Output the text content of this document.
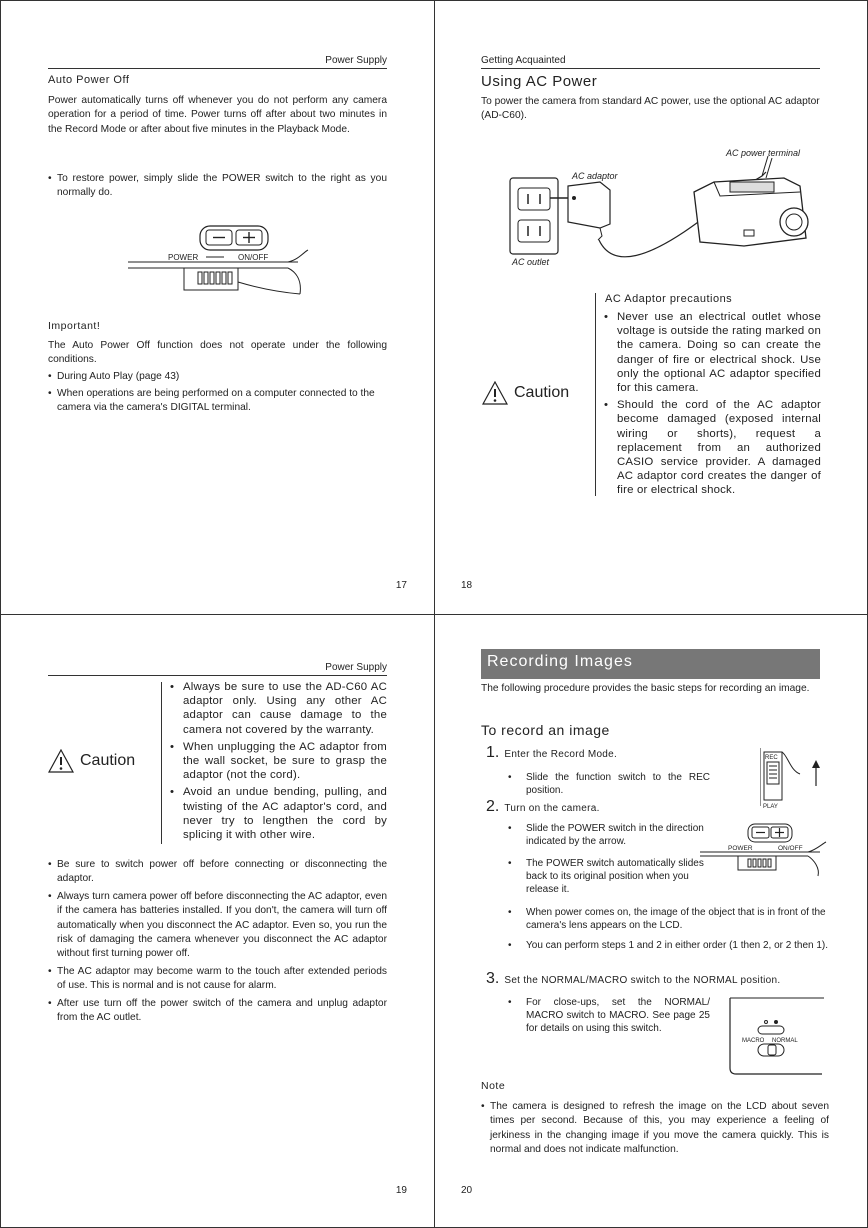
Power Supply
Auto Power Off
Power automatically turns off whenever you do not perform any camera operation for a period of time. Power turns off after about two minutes in the Record Mode or after about five minutes in the Playback Mode.
• To restore power, simply slide the POWER switch to the right as you normally do.
POWER	ON/OFF
Important!
The Auto Power Off function does not operate under the following conditions.
• During Auto Play (page 43)
• When operations are being performed on a computer connected to the camera via the camera's DIGITAL terminal.
17
Getting Acquainted
Using AC Power
To power the camera from standard AC power, use the optional AC adaptor (AD-C60).
AC power terminal
AC adaptor
AC outlet
Caution
AC Adaptor precautions
• Never use an electrical outlet whose voltage is outside the rating marked on the camera. Doing so can create the danger of fire or electrical shock. Use only the optional AC adaptor specified for this camera.
• Should the cord of the AC adaptor become damaged (exposed internal wiring or shorts), request a replacement from an authorized CASIO service provider. A damaged AC adaptor cord creates the danger of fire or electrical shock.
18
Power Supply
Caution
• Always be sure to use the AD-C60 AC adaptor only. Using any other AC adaptor can cause damage to the camera not covered by the warranty.
• When unplugging the AC adaptor from the wall socket, be sure to grasp the adaptor (not the cord).
• Avoid an undue bending, pulling, and twisting of the AC adaptor's cord, and never try to lengthen the cord by splicing it with other wire.
• Be sure to switch power off before connecting or disconnecting the adaptor.
• Always turn camera power off before disconnecting the AC adaptor, even if the camera has batteries installed. If you don't, the camera will turn off automatically when you disconnect the AC adaptor. Even so, you run the risk of damaging the camera whenever you disconnect the AC adaptor without first turning power off.
• The AC adaptor may become warm to the touch after extended periods of use. This is normal and is not cause for alarm.
• After use turn off the power switch of the camera and unplug adaptor from the AC outlet.
19
Recording Images
The following procedure provides the basic steps for recording an image.
To record an image
1. Enter the Record Mode.
• Slide the function switch to the REC position.
REC
PLAY
2. Turn on the camera.
• Slide the POWER switch in the direction indicated by the arrow.
• The POWER switch automatically slides back to its original position when you release it.
POWER	ON/OFF
• When power comes on, the image of the object that is in front of the camera's lens appears on the LCD.
• You can perform steps 1 and 2 in either order (1 then 2, or 2 then 1).
3. Set the NORMAL/MACRO switch to the NORMAL position.
• For close-ups, set the NORMAL/ MACRO switch to MACRO. See page 25 for details on using this switch.
MACRO NORMAL
Note
• The camera is designed to refresh the image on the LCD about seven times per second. Because of this, you may experience a feeling of jerkiness in the changing image if you move the camera quickly. This is normal and does not indicate malfunction.
20
